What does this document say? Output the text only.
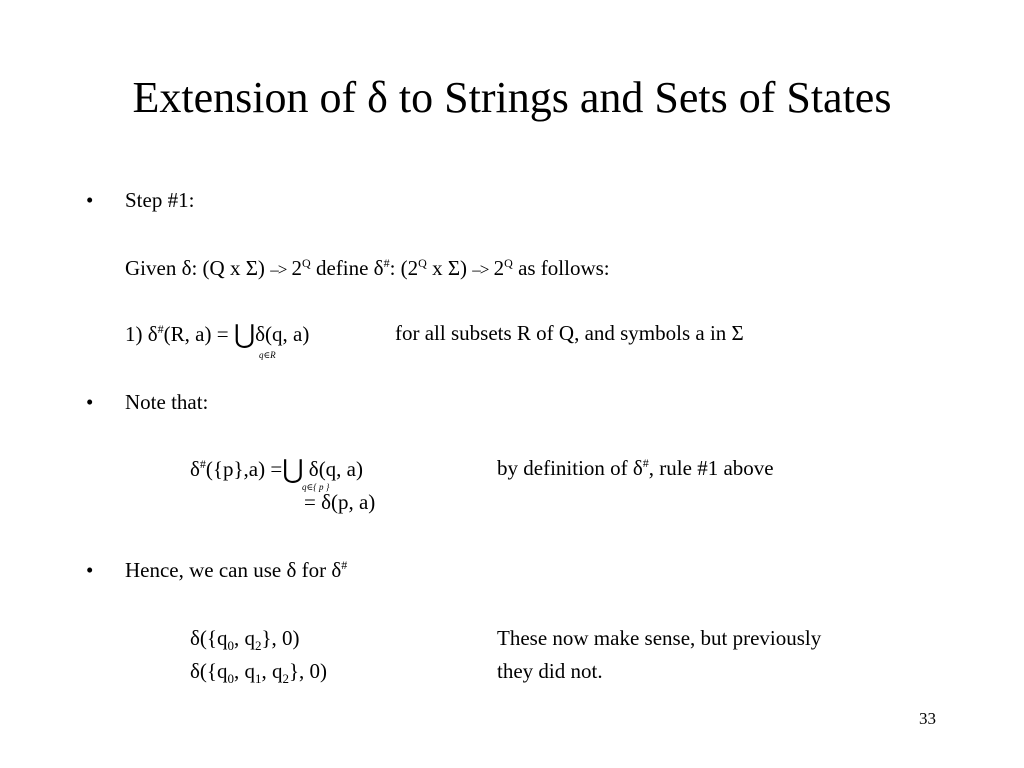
Extension of δ to Strings and Sets of States
• Step #1:
Given δ: (Q x $\Sigma) -> 2^Q$ define δ#: ($2^Q$ x $\Sigma) -> 2^Q$ as follows:
1) δ#(R, a) = ⋃δ(q, a)
q∈R
for all subsets R of Q, and symbols a in Σ
• Note that:
δ#({p},a) =⋃ δ(q, a)
q∈{ p }
by definition of δ#, rule #1 above
= δ(p, a)
• Hence, we can use δ for δ#
$\delta(\{q_0$, $q_2$}, 0)	These now make sense, but previously
$\delta(\{q_0$, $q_1$, $q_2$}, 0)	they did not.
33
